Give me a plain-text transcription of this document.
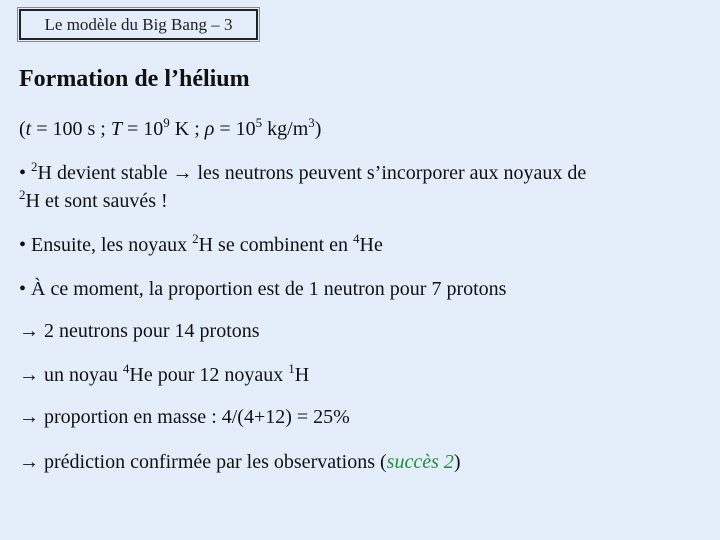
Le modèle du Big Bang – 3
Formation de l’hélium
(t = 100 s ; $T = 10^9$ K ; $\rho = 10^5$ $kg/m^3$)
• $^2$H devient stable → les neutrons peuvent s’incorporer aux noyaux de
$^2$H et sont sauvés !
• Ensuite, les noyaux $^2$H se combinent en $^4$He
• À ce moment, la proportion est de 1 neutron pour 7 protons
→ 2 neutrons pour 14 protons
→ un noyau $^4$He pour 12 noyaux $^1$H
→ proportion en masse : 4/(4+12) = 25%
→ prédiction confirmée par les observations (succès 2)
